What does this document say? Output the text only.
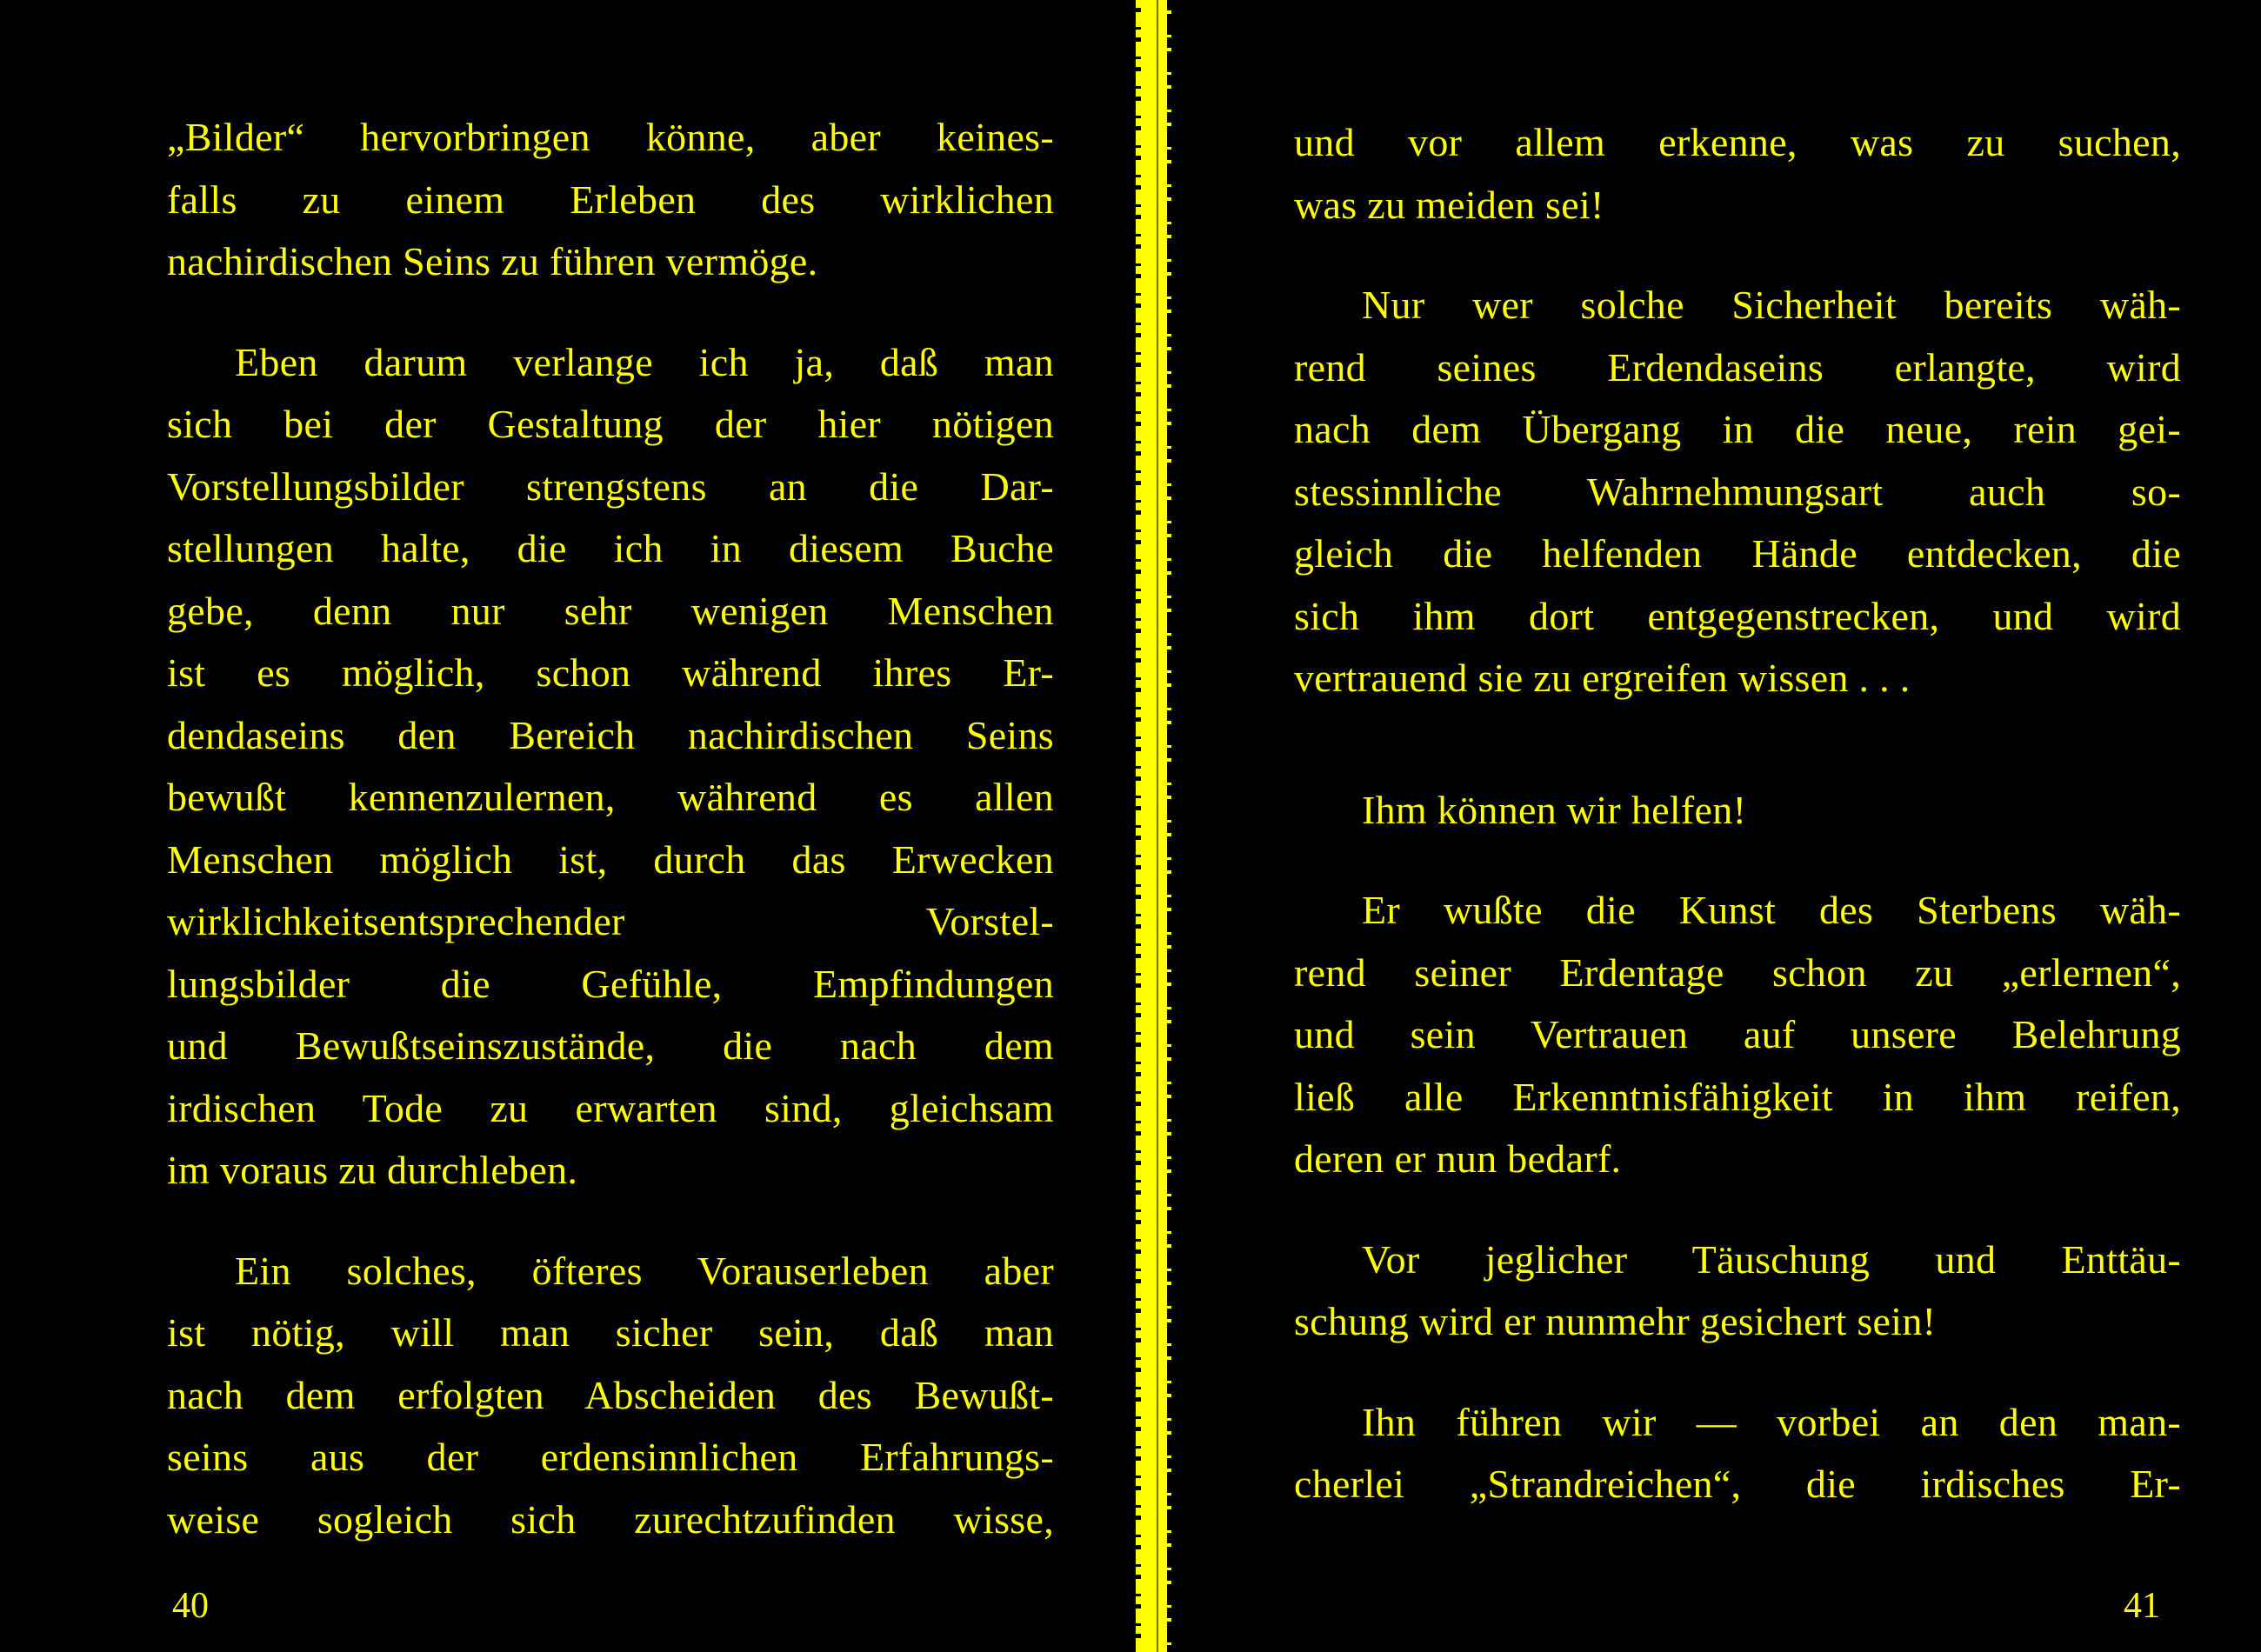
„Bilder“ hervorbringen könne, aber keines-
falls zu einem Erleben des wirklichen
nachirdischen Seins zu führen vermöge.
Eben darum verlange ich ja, daß man
sich bei der Gestaltung der hier nötigen
Vorstellungsbilder strengstens an die Dar-
stellungen halte, die ich in diesem Buche
gebe, denn nur sehr wenigen Menschen
ist es möglich, schon während ihres Er-
dendaseins den Bereich nachirdischen Seins
bewußt kennenzulernen, während es allen
Menschen möglich ist, durch das Erwecken
wirklichkeitsentsprechender Vorstel-
lungsbilder die Gefühle, Empfindungen
und Bewußtseinszustände, die nach dem
irdischen Tode zu erwarten sind, gleichsam
im voraus zu durchleben.
Ein solches, öfteres Vorauserleben aber
ist nötig, will man sicher sein, daß man
nach dem erfolgten Abscheiden des Bewußt-
seins aus der erdensinnlichen Erfahrungs-
weise sogleich sich zurechtzufinden wisse,
40
und vor allem erkenne, was zu suchen,
was zu meiden sei!
Nur wer solche Sicherheit bereits wäh-
rend seines Erdendaseins erlangte, wird
nach dem Übergang in die neue, rein gei-
stessinnliche Wahrnehmungsart auch so-
gleich die helfenden Hände entdecken, die
sich ihm dort entgegenstrecken, und wird
vertrauend sie zu ergreifen wissen . . .
Ihm können wir helfen!
Er wußte die Kunst des Sterbens wäh-
rend seiner Erdentage schon zu „erlernen“,
und sein Vertrauen auf unsere Belehrung
ließ alle Erkenntnisfähigkeit in ihm reifen,
deren er nun bedarf.
Vor jeglicher Täuschung und Enttäu-
schung wird er nunmehr gesichert sein!
Ihn führen wir — vorbei an den man-
cherlei „Strandreichen“, die irdisches Er-
41
